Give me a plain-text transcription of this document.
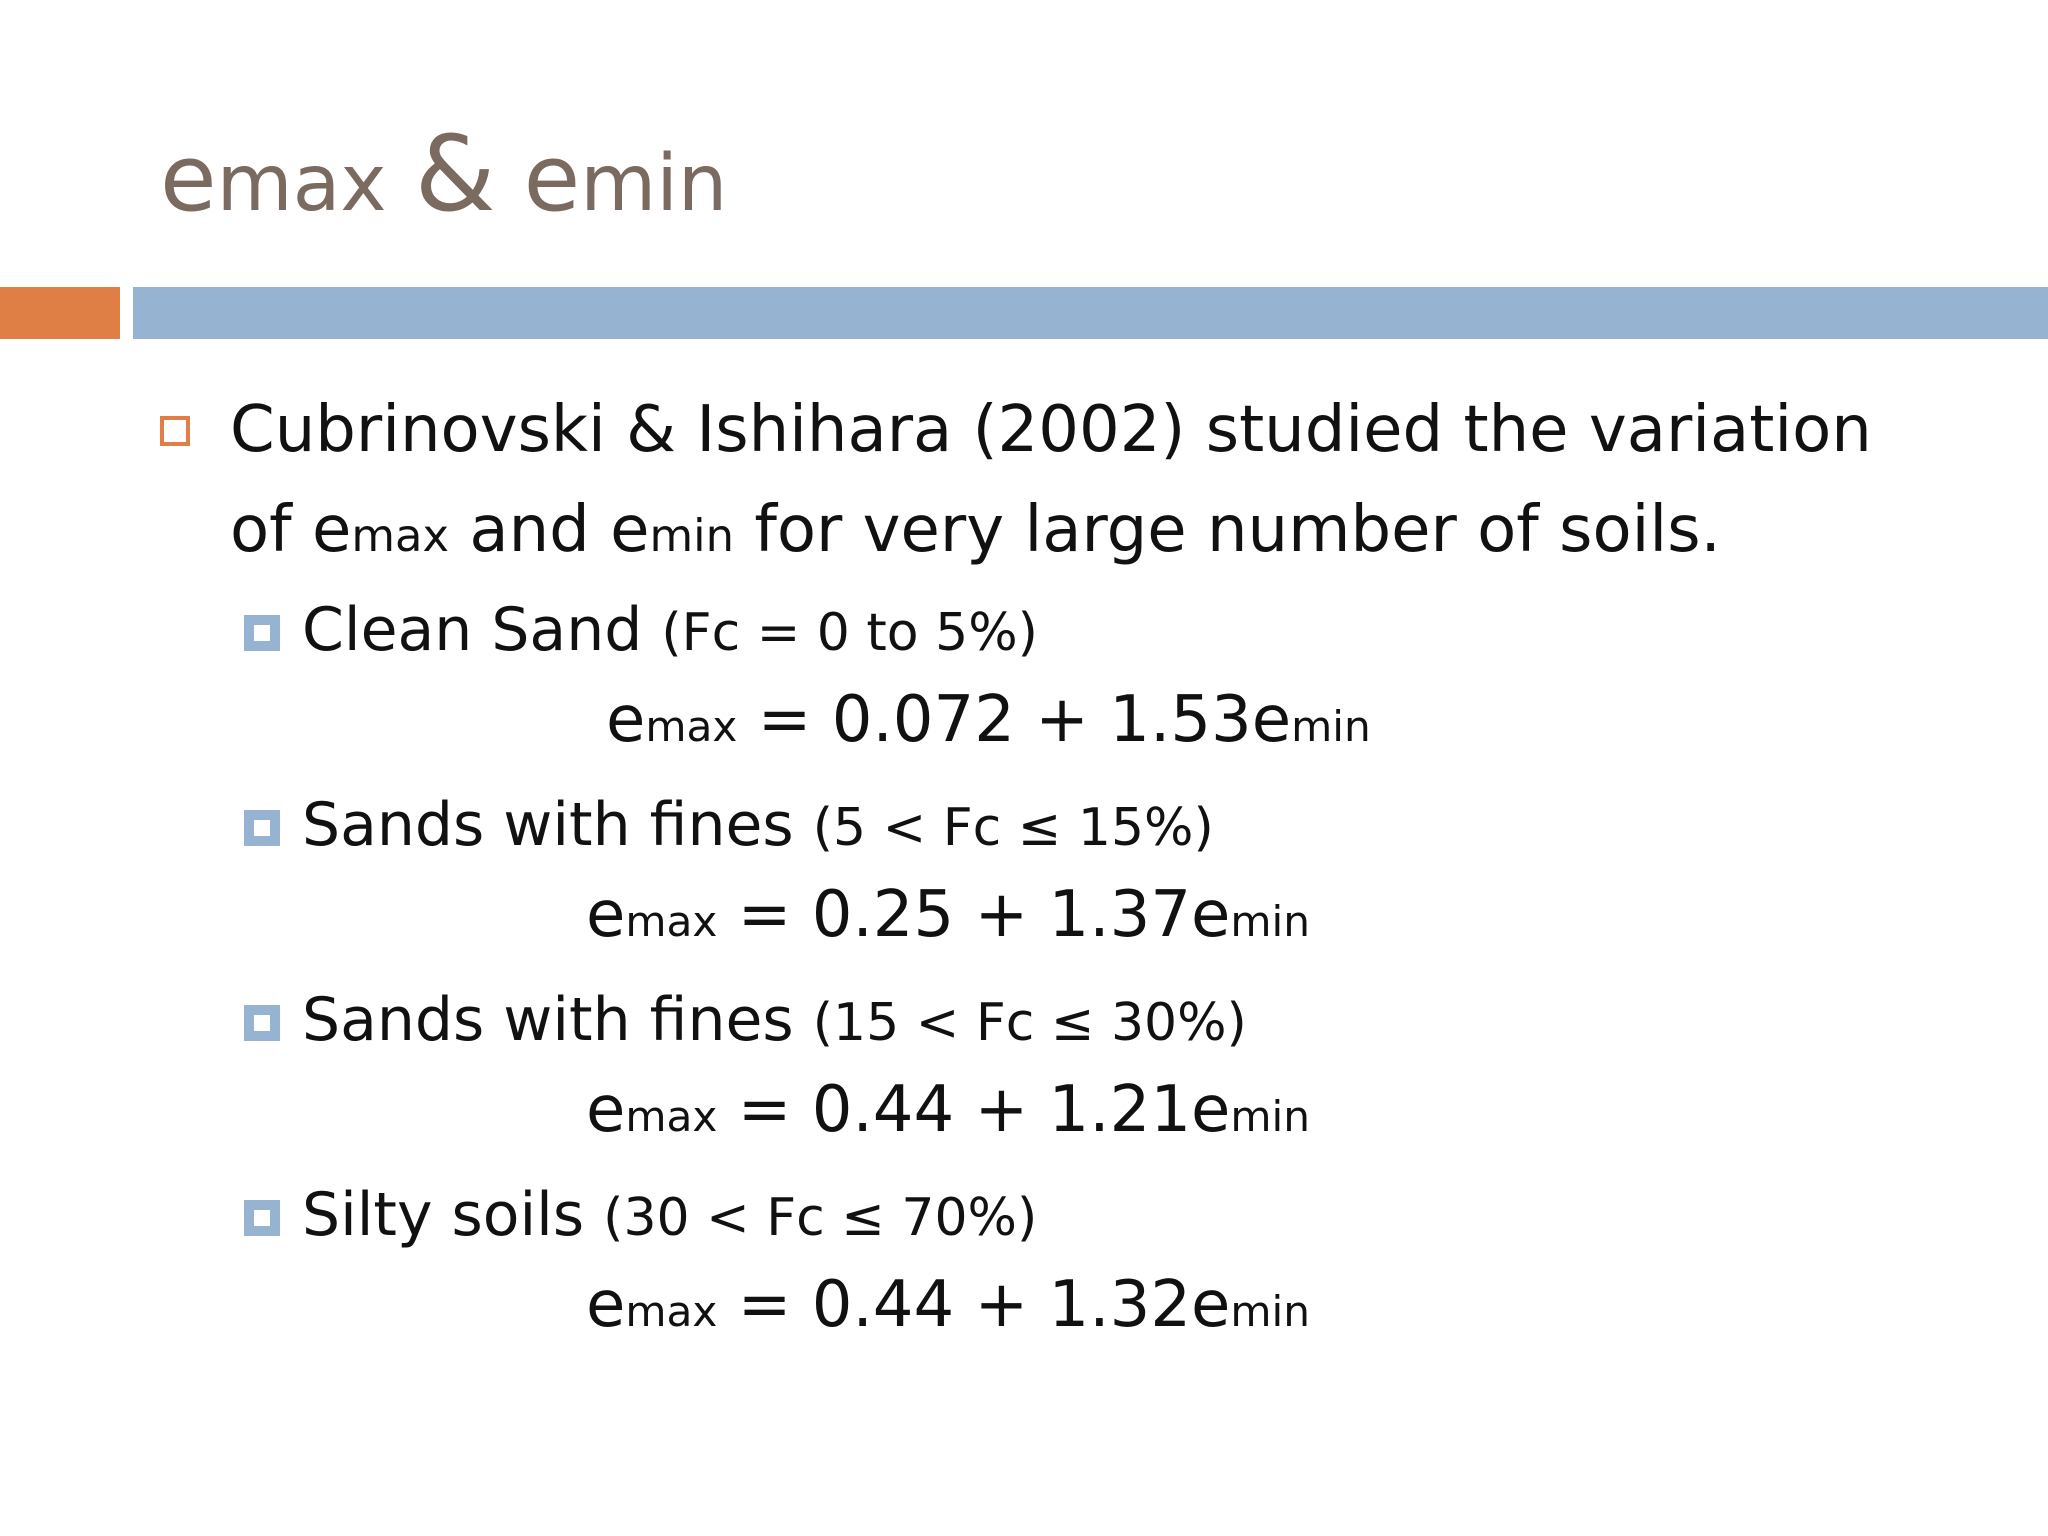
emax & emin
Cubrinovski & Ishihara (2002) studied the variation
of emax and emin for very large number of soils.
Clean Sand (Fc = 0 to 5%)
emax = 0.072 + 1.53emin
Sands with fines (5 < Fc ≤ 15%)
emax = 0.25 + 1.37emin
Sands with fines (15 < Fc ≤ 30%)
emax = 0.44 + 1.21emin
Silty soils (30 < Fc ≤ 70%)
emax = 0.44 + 1.32emin
